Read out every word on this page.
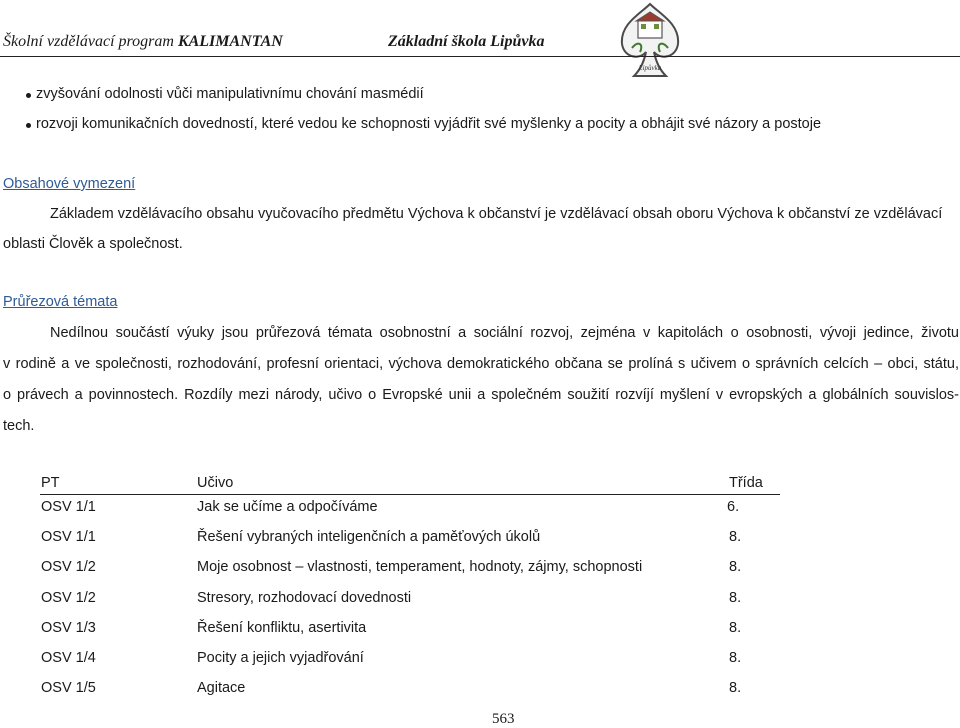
Školní vzdělávací program KALIMANTAN	Základní škola Lipůvka
Lipůvka
zvyšování odolnosti vůči manipulativnímu chování masmédií
rozvoji komunikačních dovedností, které vedou ke schopnosti vyjádřit své myšlenky a pocity a obhájit své názory a postoje
Obsahové vymezení
Základem vzdělávacího obsahu vyučovacího předmětu Výchova k občanství je vzdělávací obsah oboru Výchova k občanství ze vzdělávací
oblasti Člověk a společnost.
Průřezová témata
Nedílnou součástí výuky jsou průřezová témata osobnostní a sociální rozvoj, zejména v kapitolách o osobnosti, vývoji jedince, životu
v rodině a ve společnosti, rozhodování, profesní orientaci, výchova demokratického občana se prolíná s učivem o správních celcích – obci, státu,
o právech a povinnostech. Rozdíly mezi národy, učivo o Evropské unii a společném soužití rozvíjí myšlení v evropských a globálních souvislos-
tech.
PT	Učivo	Třída
OSV 1/1	Jak se učíme a odpočíváme	6.
OSV 1/1	Řešení vybraných inteligenčních a paměťových úkolů	8.
OSV 1/2	Moje osobnost – vlastnosti, temperament, hodnoty, zájmy, schopnosti	8.
OSV 1/2	Stresory, rozhodovací dovednosti	8.
OSV 1/3	Řešení konfliktu, asertivita	8.
OSV 1/4	Pocity a jejich vyjadřování	8.
OSV 1/5	Agitace	8.
563
